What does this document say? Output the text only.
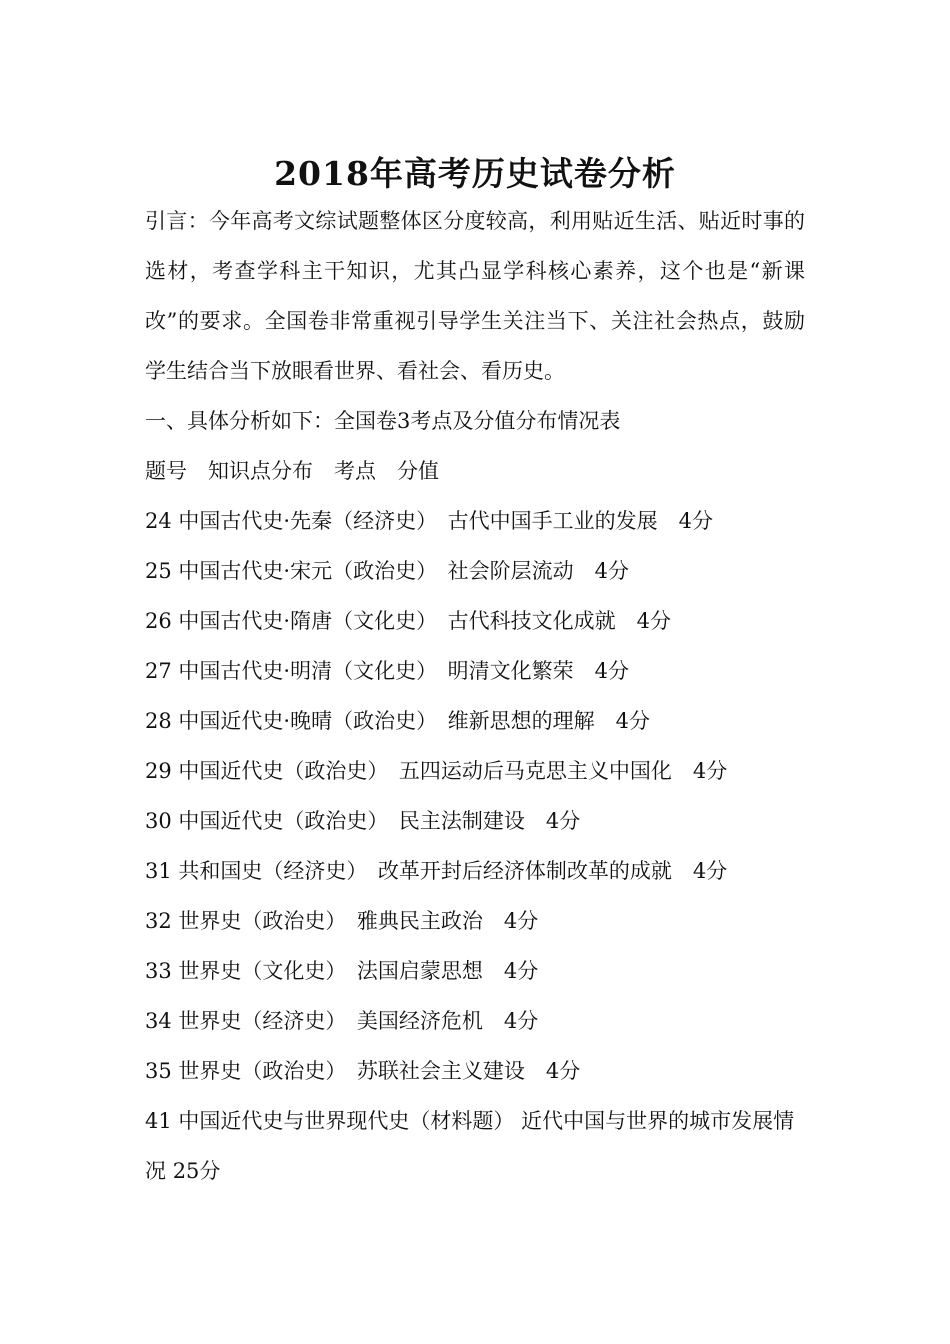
2018年高考历史试卷分析

引言：今年高考文综试题整体区分度较高，利用贴近生活、贴近时事的选材，考查学科主干知识，尤其凸显学科核心素养，这个也是“新课改”的要求。全国卷非常重视引导学生关注当下、关注社会热点，鼓励学生结合当下放眼看世界、看社会、看历史。

一、具体分析如下：全国卷3考点及分值分布情况表

题号　知识点分布　考点　分值

24 中国古代史·先秦（经济史）　 古代中国手工业的发展　 4分

25 中国古代史·宋元（政治史）　 社会阶层流动　 4分

26 中国古代史·隋唐（文化史）　 古代科技文化成就　 4分

27 中国古代史·明清（文化史）　 明清文化繁荣　 4分

28 中国近代史·晚晴（政治史）　 维新思想的理解　 4分

29 中国近代史（政治史）　 五四运动后马克思主义中国化　 4分

30 中国近代史（政治史）　 民主法制建设　 4分

31 共和国史（经济史）　 改革开封后经济体制改革的成就　 4分

32 世界史（政治史）　 雅典民主政治　 4分

33 世界史（文化史）　 法国启蒙思想　 4分

34 世界史（经济史）　 美国经济危机　 4分

35 世界史（政治史）　 苏联社会主义建设　 4分

41 中国近代史与世界现代史（材料题） 近代中国与世界的城市发展情况 25分
